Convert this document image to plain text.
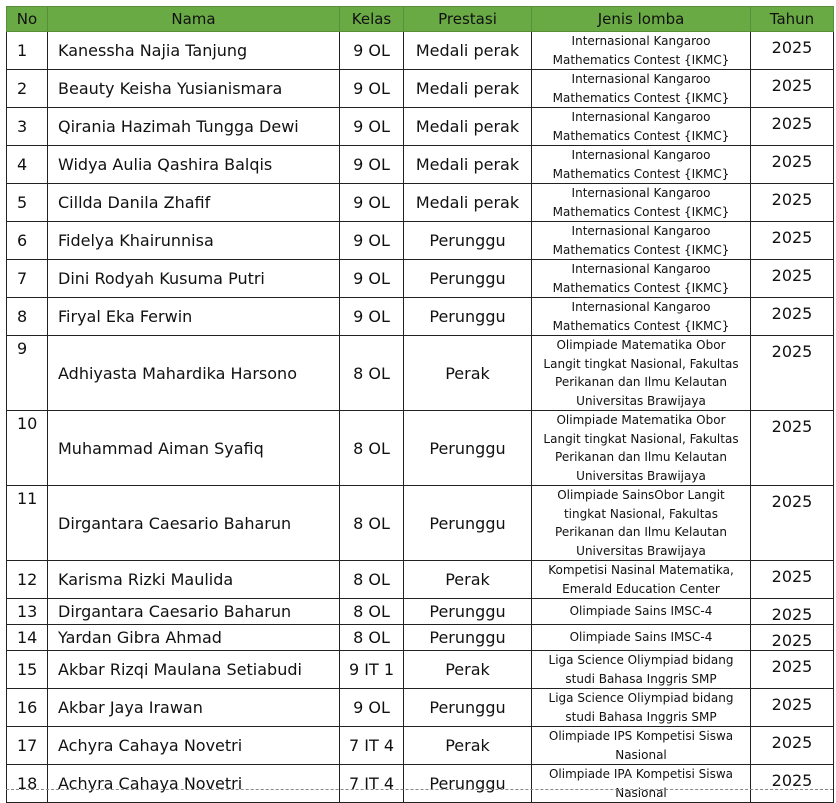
No	Nama	Kelas	Prestasi	Jenis lomba	Tahun
1	Kanessha Najia Tanjung	9 OL	Medali perak	Internasional Kangaroo
Mathematics Contest {IKMC}	2025
2	Beauty Keisha Yusianismara	9 OL	Medali perak	Internasional Kangaroo
Mathematics Contest {IKMC}	2025
3	Qirania Hazimah Tungga Dewi	9 OL	Medali perak	Internasional Kangaroo
Mathematics Contest {IKMC}	2025
4	Widya Aulia Qashira Balqis	9 OL	Medali perak	Internasional Kangaroo
Mathematics Contest {IKMC}	2025
5	Cillda Danila Zhafif	9 OL	Medali perak	Internasional Kangaroo
Mathematics Contest {IKMC}	2025
6	Fidelya Khairunnisa	9 OL	Perunggu	Internasional Kangaroo
Mathematics Contest {IKMC}	2025
7	Dini Rodyah Kusuma Putri	9 OL	Perunggu	Internasional Kangaroo
Mathematics Contest {IKMC}	2025
8	Firyal Eka Ferwin	9 OL	Perunggu	Internasional Kangaroo
Mathematics Contest {IKMC}	2025
9	Adhiyasta Mahardika Harsono	8 OL	Perak	Olimpiade Matematika Obor
Langit tingkat Nasional, Fakultas
Perikanan dan Ilmu Kelautan
Universitas Brawijaya	2025
10	Muhammad Aiman Syafiq	8 OL	Perunggu	Olimpiade Matematika Obor
Langit tingkat Nasional, Fakultas
Perikanan dan Ilmu Kelautan
Universitas Brawijaya	2025
11	Dirgantara Caesario Baharun	8 OL	Perunggu	Olimpiade SainsObor Langit
tingkat Nasional, Fakultas
Perikanan dan Ilmu Kelautan
Universitas Brawijaya	2025
12	Karisma Rizki Maulida	8 OL	Perak	Kompetisi Nasinal Matematika,
Emerald Education Center	2025
13	Dirgantara Caesario Baharun	8 OL	Perunggu	Olimpiade Sains IMSC-4	2025
14	Yardan Gibra Ahmad	8 OL	Perunggu	Olimpiade Sains IMSC-4	2025
15	Akbar Rizqi Maulana Setiabudi	9 IT 1	Perak	Liga Science Oliympiad bidang
studi Bahasa Inggris SMP	2025
16	Akbar Jaya Irawan	9 OL	Perunggu	Liga Science Oliympiad bidang
studi Bahasa Inggris SMP	2025
17	Achyra Cahaya Novetri	7 IT 4	Perak	Olimpiade IPS Kompetisi Siswa
Nasional	2025
18	Achyra Cahaya Novetri	7 IT 4	Perunggu	Olimpiade IPA Kompetisi Siswa
Nasional	2025
